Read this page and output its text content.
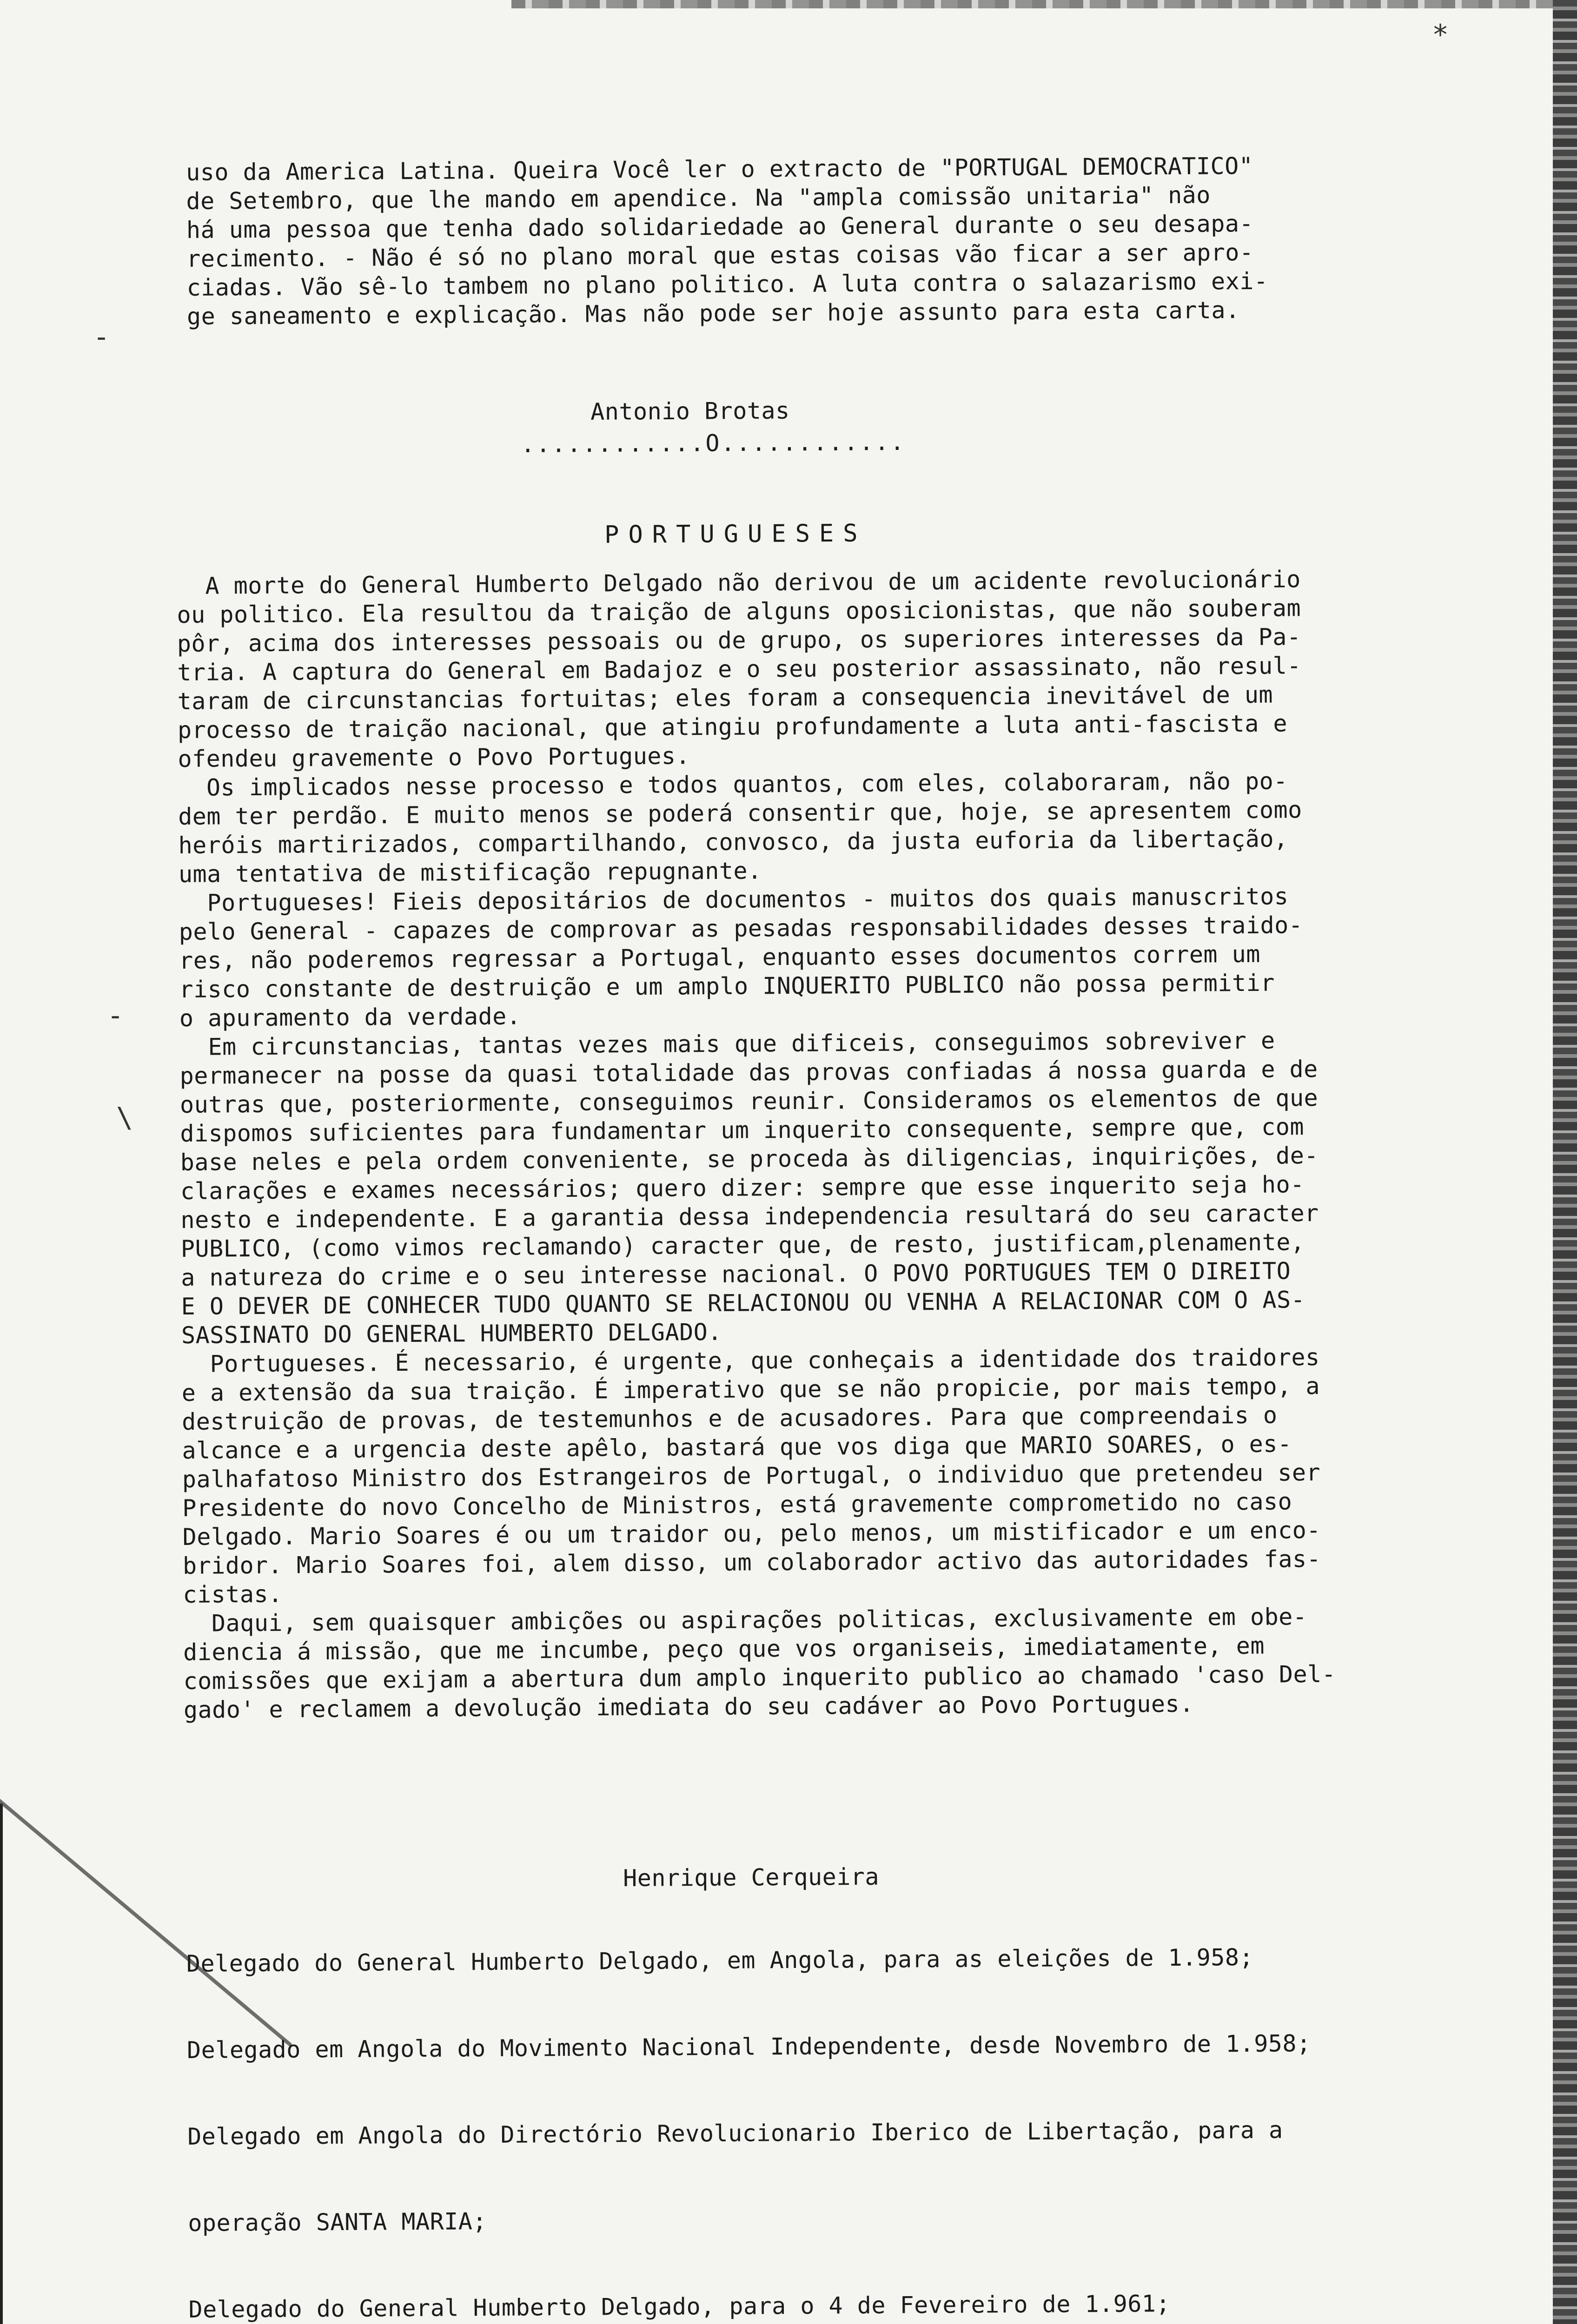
*
-
-
\
uso da America Latina. Queira Você ler o extracto de "PORTUGAL DEMOCRATICO"
de Setembro, que lhe mando em apendice. Na "ampla comissão unitaria" não
há uma pessoa que tenha dado solidariedade ao General durante o seu desapa-
recimento. - Não é só no plano moral que estas coisas vão ficar a ser apro-
ciadas. Vão sê-lo tambem no plano politico. A luta contra o salazarismo exi-
ge saneamento e explicação. Mas não pode ser hoje assunto para esta carta.
Antonio Brotas
............O............
PORTUGUESES
A morte do General Humberto Delgado não derivou de um acidente revolucionário
ou politico. Ela resultou da traição de alguns oposicionistas, que não souberam
pôr, acima dos interesses pessoais ou de grupo, os superiores interesses da Pa-
tria. A captura do General em Badajoz e o seu posterior assassinato, não resul-
taram de circunstancias fortuitas; eles foram a consequencia inevitável de um
processo de traição nacional, que atingiu profundamente a luta anti-fascista e
ofendeu gravemente o Povo Portugues.
Os implicados nesse processo e todos quantos, com eles, colaboraram, não po-
dem ter perdão. E muito menos se poderá consentir que, hoje, se apresentem como
heróis martirizados, compartilhando, convosco, da justa euforia da libertação,
uma tentativa de mistificação repugnante.
Portugueses! Fieis depositários de documentos - muitos dos quais manuscritos
pelo General - capazes de comprovar as pesadas responsabilidades desses traido-
res, não poderemos regressar a Portugal, enquanto esses documentos correm um
risco constante de destruição e um amplo INQUERITO PUBLICO não possa permitir
o apuramento da verdade.
Em circunstancias, tantas vezes mais que dificeis, conseguimos sobreviver e
permanecer na posse da quasi totalidade das provas confiadas á nossa guarda e de
outras que, posteriormente, conseguimos reunir. Consideramos os elementos de que
dispomos suficientes para fundamentar um inquerito consequente, sempre que, com
base neles e pela ordem conveniente, se proceda às diligencias, inquirições, de-
clarações e exames necessários; quero dizer: sempre que esse inquerito seja ho-
nesto e independente. E a garantia dessa independencia resultará do seu caracter
PUBLICO, (como vimos reclamando) caracter que, de resto, justificam,plenamente,
a natureza do crime e o seu interesse nacional. O POVO PORTUGUES TEM O DIREITO
E O DEVER DE CONHECER TUDO QUANTO SE RELACIONOU OU VENHA A RELACIONAR COM O AS-
SASSINATO DO GENERAL HUMBERTO DELGADO.
Portugueses. É necessario, é urgente, que conheçais a identidade dos traidores
e a extensão da sua traição. É imperativo que se não propicie, por mais tempo, a
destruição de provas, de testemunhos e de acusadores. Para que compreendais o
alcance e a urgencia deste apêlo, bastará que vos diga que MARIO SOARES, o es-
palhafatoso Ministro dos Estrangeiros de Portugal, o individuo que pretendeu ser
Presidente do novo Concelho de Ministros, está gravemente comprometido no caso
Delgado. Mario Soares é ou um traidor ou, pelo menos, um mistificador e um enco-
bridor. Mario Soares foi, alem disso, um colaborador activo das autoridades fas-
cistas.
Daqui, sem quaisquer ambições ou aspirações politicas, exclusivamente em obe-
diencia á missão, que me incumbe, peço que vos organiseis, imediatamente, em
comissões que exijam a abertura dum amplo inquerito publico ao chamado 'caso Del-
gado' e reclamem a devolução imediata do seu cadáver ao Povo Portugues.
Henrique Cerqueira

Delegado do General Humberto Delgado, em Angola, para as eleições de 1.958;

Delegado em Angola do Movimento Nacional Independente, desde Novembro de 1.958;

Delegado em Angola do Directório Revolucionario Iberico de Libertação, para a

operação SANTA MARIA;

Delegado do General Humberto Delgado, para o 4 de Fevereiro de 1.961;
